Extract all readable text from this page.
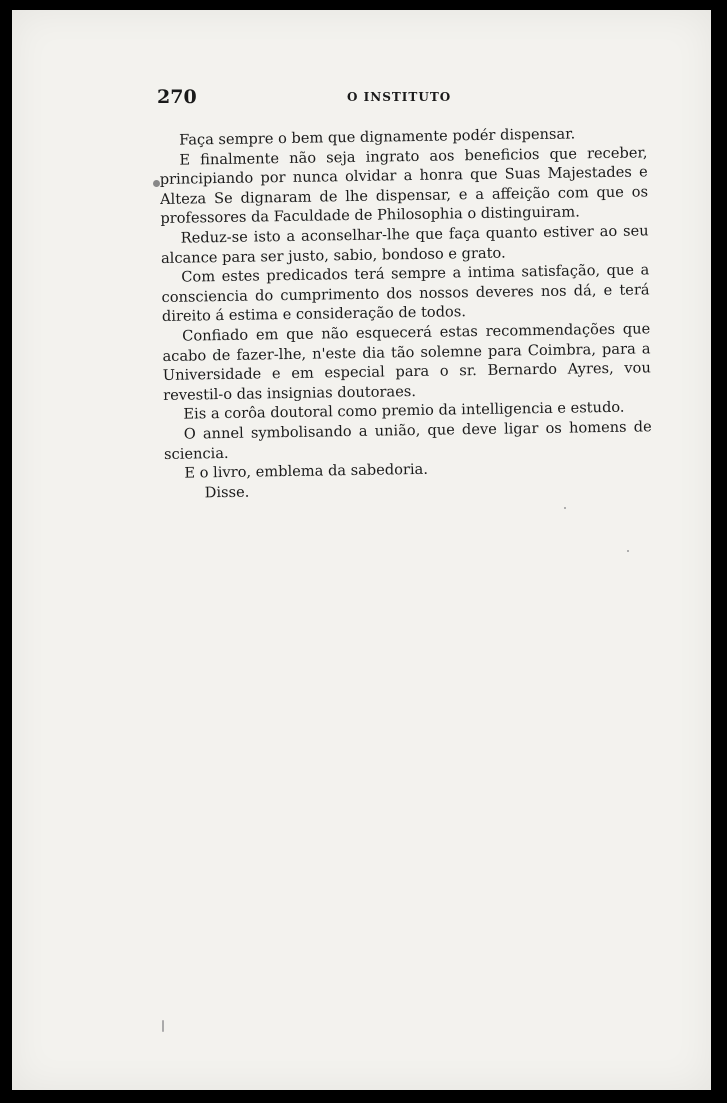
270	O INSTITUTO

Faça sempre o bem que dignamente podér dispensar.

E finalmente não seja ingrato aos beneficios que receber, principiando por nunca olvidar a honra que Suas Majestades e Alteza Se dignaram de lhe dispensar, e a affeição com que os professores da Faculdade de Philosophia o distinguiram.

Reduz-se isto a aconselhar-lhe que faça quanto estiver ao seu alcance para ser justo, sabio, bondoso e grato.

Com estes predicados terá sempre a intima satisfação, que a consciencia do cumprimento dos nossos deveres nos dá, e terá direito á estima e consideração de todos.

Confiado em que não esquecerá estas recommendações que acabo de fazer-lhe, n'este dia tão solemne para Coimbra, para a Universidade e em especial para o sr. Bernardo Ayres, vou revestil-o das insignias doutoraes.

Eis a corôa doutoral como premio da intelligencia e estudo.

O annel symbolisando a união, que deve ligar os homens de sciencia.

E o livro, emblema da sabedoria.

Disse.
